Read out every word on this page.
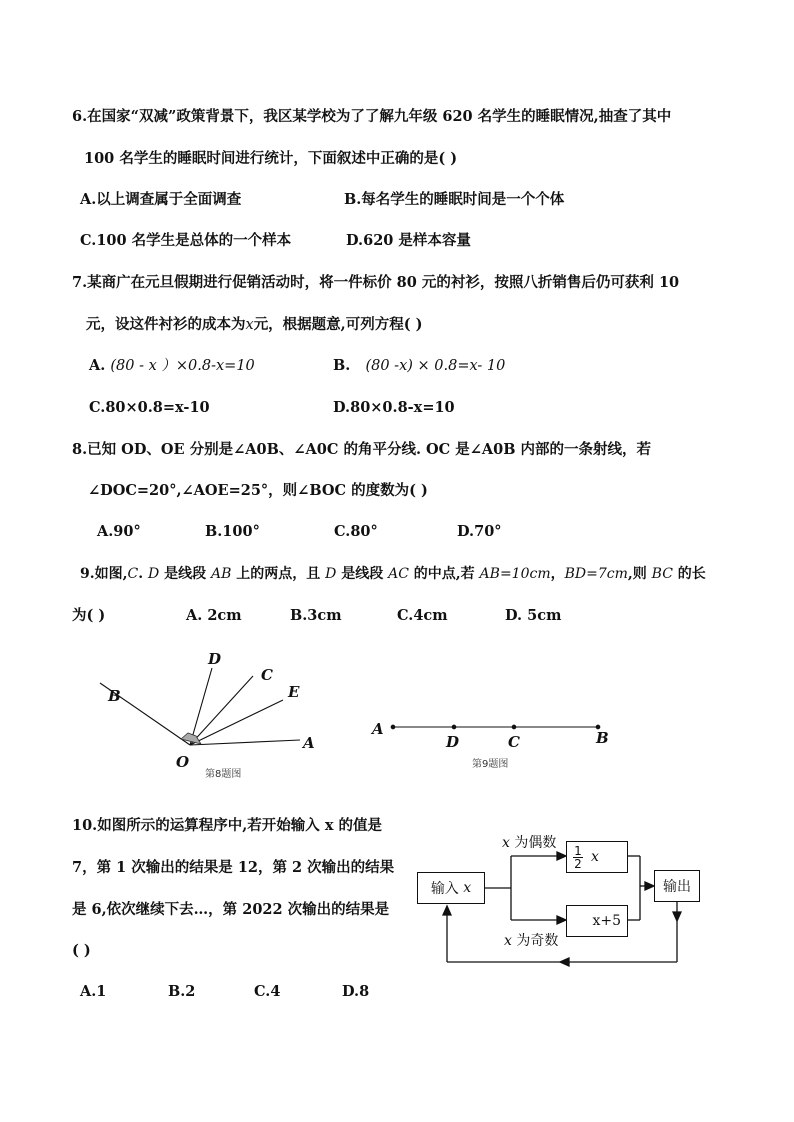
6.在国家“双减”政策背景下，我区某学校为了了解九年级 620 名学生的睡眠情况,抽查了其中
100 名学生的睡眠时间进行统计，下面叙述中正确的是( )
A.以上调查属于全面调查	B.每名学生的睡眠时间是一个个体
C.100 名学生是总体的一个样本	D.620 是样本容量
7.某商广在元旦假期进行促销活动时，将一件标价 80 元的衬衫，按照八折销售后仍可获利 10
元，设这件衬衫的成本为x元，根据题意,可列方程( )
A. (80 - x ）×0.8-x=10	B. (80 -x) × 0.8=x- 10
C.80×0.8=x-10	D.80×0.8-x=10
8.已知 OD、OE 分别是∠A0B、∠A0C 的角平分线. OC 是∠A0B 内部的一条射线，若
∠DOC=20°,∠AOE=25°，则∠BOC 的度数为( )
A.90°	B.100°	C.80°	D.70°
9.如图,C. D 是线段 AB 上的两点，且 D 是线段 AC 的中点,若 AB=10cm，BD=7cm,则 BC 的长
为( )	A. 2cm	B.3cm	C.4cm	D. 5cm
B
D
C
E
A
O
第8题图
A
D	C	B
第9题图
10.如图所示的运算程序中,若开始输入 x 的值是
7，第 1 次输出的结果是 12，第 2 次输出的结果
是 6,依次继续下去…，第 2022 次输出的结果是
( )
A.1	B.2	C.4	D.8
输入
x
1
2 x
x+5
输出
x 为偶数
x 为奇数
